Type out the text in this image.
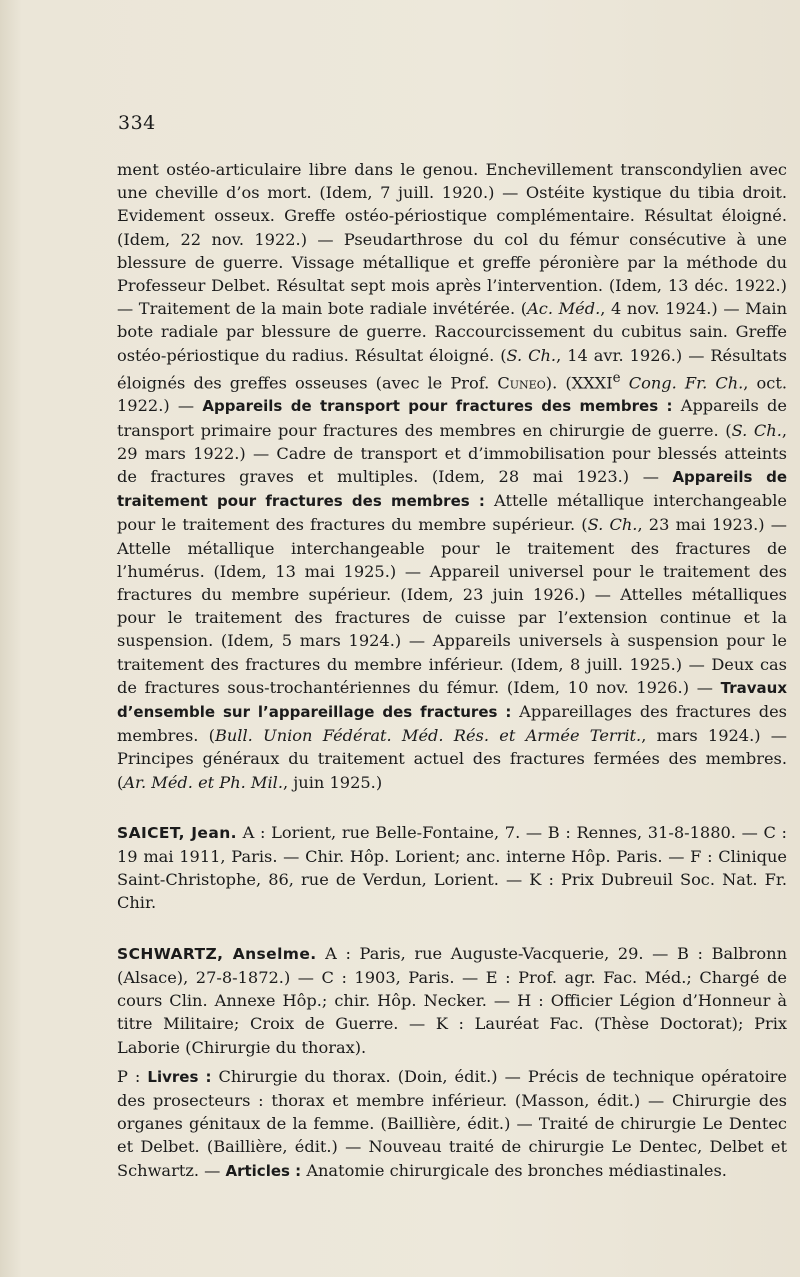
334

ment ostéo-articulaire libre dans le genou. Enchevillement transcondylien avec une cheville d’os mort. (Idem, 7 juill. 1920.) — Ostéite kystique du tibia droit. Evidement osseux. Greffe ostéo-périostique complémentaire. Résultat éloigné. (Idem, 22 nov. 1922.) — Pseudarthrose du col du fémur consécutive à une blessure de guerre. Vissage métallique et greffe péronière par la méthode du Professeur Delbet. Résultat sept mois après l’intervention. (Idem, 13 déc. 1922.) — Traitement de la main bote radiale invétérée. (Ac. Méd., 4 nov. 1924.) — Main bote radiale par blessure de guerre. Raccourcissement du cubitus sain. Greffe ostéo-périostique du radius. Résultat éloigné. (S. Ch., 14 avr. 1926.) — Résultats éloignés des greffes osseuses (avec le Prof. Cuneo). (XXXIe Cong. Fr. Ch., oct. 1922.) — Appareils de transport pour fractures des membres : Appareils de transport primaire pour fractures des membres en chirurgie de guerre. (S. Ch., 29 mars 1922.) — Cadre de transport et d’immobilisation pour blessés atteints de fractures graves et multiples. (Idem, 28 mai 1923.) — Appareils de traitement pour fractures des membres : Attelle métallique interchangeable pour le traitement des fractures du membre supérieur. (S. Ch., 23 mai 1923.) — Attelle métallique interchangeable pour le traitement des fractures de l’humérus. (Idem, 13 mai 1925.) — Appareil universel pour le traitement des fractures du membre supérieur. (Idem, 23 juin 1926.) — Attelles métalliques pour le traitement des fractures de cuisse par l’extension continue et la suspension. (Idem, 5 mars 1924.) — Appareils universels à suspension pour le traitement des fractures du membre inférieur. (Idem, 8 juill. 1925.) — Deux cas de fractures sous-trochantériennes du fémur. (Idem, 10 nov. 1926.) — Travaux d’ensemble sur l’appareillage des fractures : Appareillages des fractures des membres. (Bull. Union Fédérat. Méd. Rés. et Armée Territ., mars 1924.) — Principes généraux du traitement actuel des fractures fermées des membres. (Ar. Méd. et Ph. Mil., juin 1925.)

SAICET, Jean. A : Lorient, rue Belle-Fontaine, 7. — B : Rennes, 31-8-1880. — C : 19 mai 1911, Paris. — Chir. Hôp. Lorient; anc. interne Hôp. Paris. — F : Clinique Saint-Christophe, 86, rue de Verdun, Lorient. — K : Prix Dubreuil Soc. Nat. Fr. Chir.

SCHWARTZ, Anselme. A : Paris, rue Auguste-Vacquerie, 29. — B : Balbronn (Alsace), 27-8-1872.) — C : 1903, Paris. — E : Prof. agr. Fac. Méd.; Chargé de cours Clin. Annexe Hôp.; chir. Hôp. Necker. — H : Officier Légion d’Honneur à titre Militaire; Croix de Guerre. — K : Lauréat Fac. (Thèse Doctorat); Prix Laborie (Chirurgie du thorax).

P : Livres : Chirurgie du thorax. (Doin, édit.) — Précis de technique opératoire des prosecteurs : thorax et membre inférieur. (Masson, édit.) — Chirurgie des organes génitaux de la femme. (Baillière, édit.) — Traité de chirurgie Le Dentec et Delbet. (Baillière, édit.) — Nouveau traité de chirurgie Le Dentec, Delbet et Schwartz. — Articles : Anatomie chirurgicale des bronches médiastinales.
